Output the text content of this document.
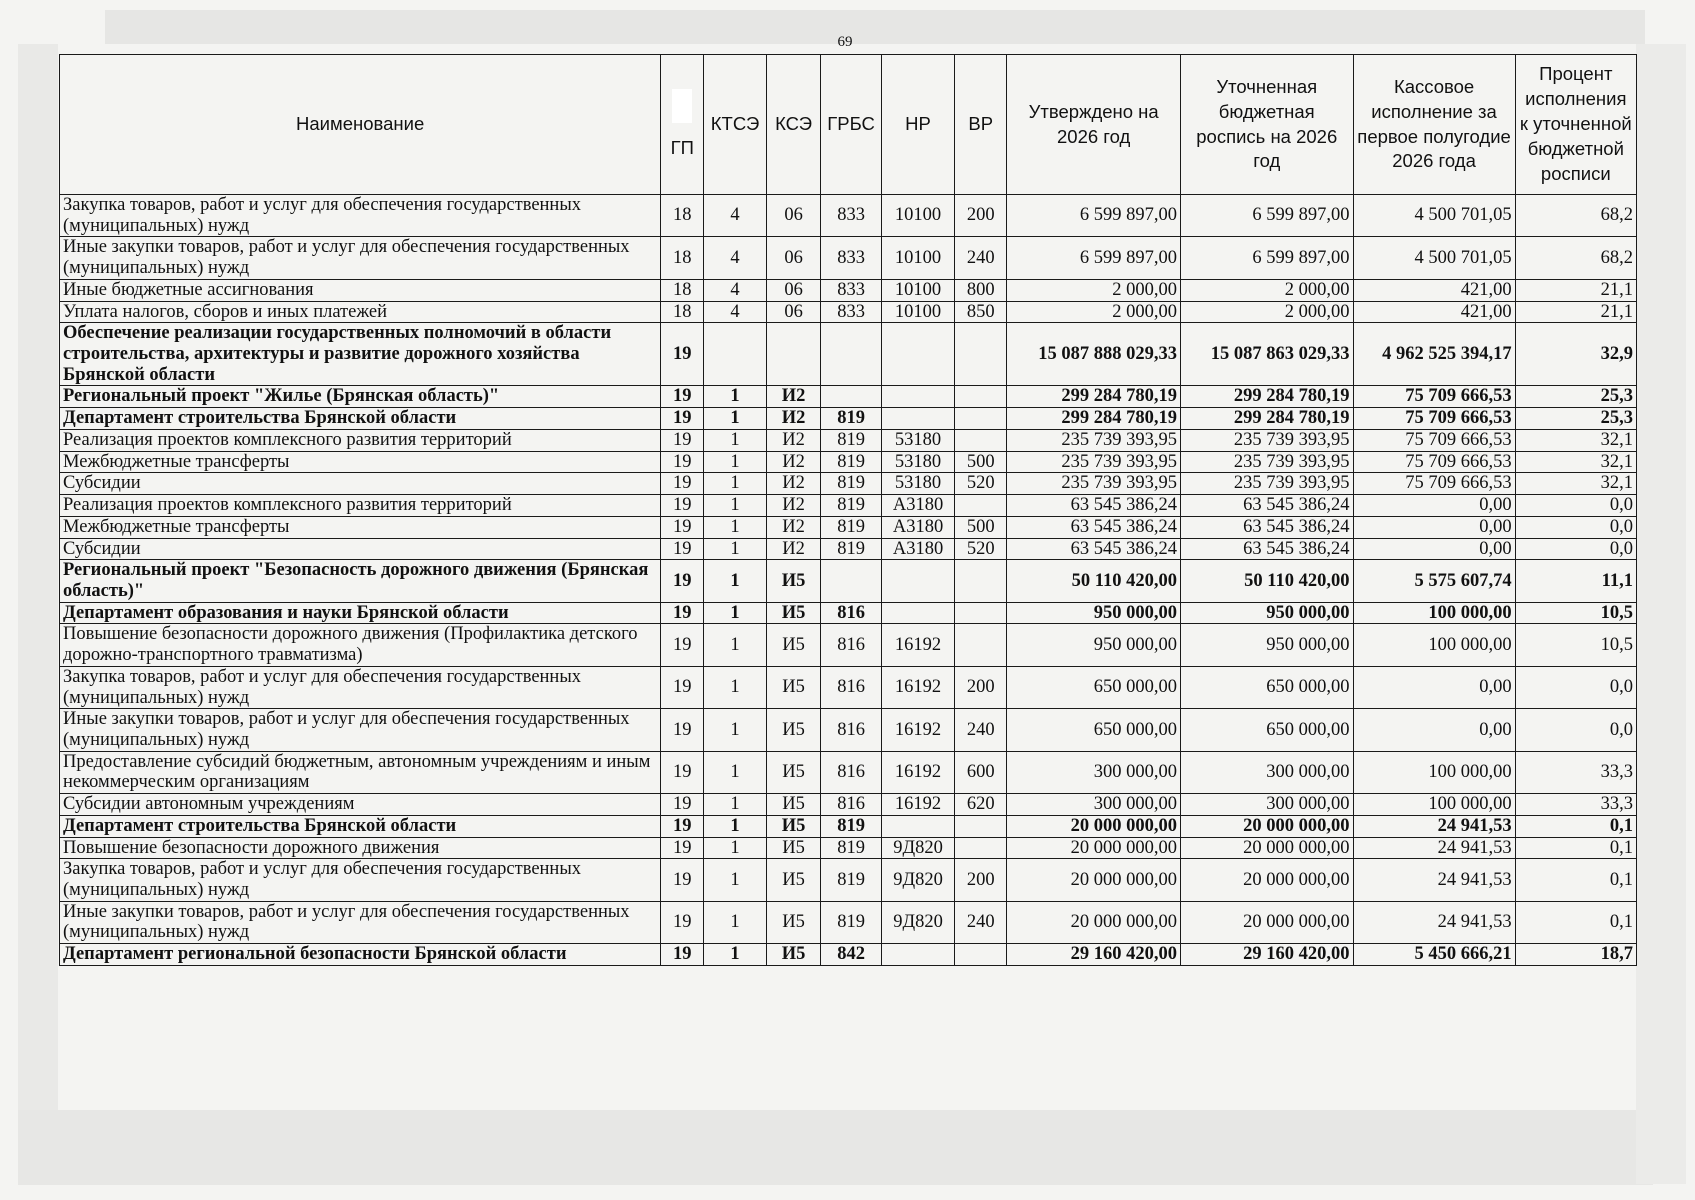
69
Наименование	ГП	КТСЭ	КСЭ	ГРБС	НР	ВР	Утверждено на 2026 год	Уточненная бюджетная роспись на 2026 год	Кассовое исполнение за первое полугодие 2026 года	Процент исполнения к уточненной бюджетной росписи
Закупка товаров, работ и услуг для обеспечения государственных (муниципальных) нужд	18	4	06	833	10100	200	6 599 897,00	6 599 897,00	4 500 701,05	68,2
Иные закупки товаров, работ и услуг для обеспечения государственных (муниципальных) нужд	18	4	06	833	10100	240	6 599 897,00	6 599 897,00	4 500 701,05	68,2
Иные бюджетные ассигнования	18	4	06	833	10100	800	2 000,00	2 000,00	421,00	21,1
Уплата налогов, сборов и иных платежей	18	4	06	833	10100	850	2 000,00	2 000,00	421,00	21,1
Обеспечение реализации государственных полномочий в области строительства, архитектуры и развитие дорожного хозяйства Брянской области	19						15 087 888 029,33	15 087 863 029,33	4 962 525 394,17	32,9
Региональный проект "Жилье (Брянская область)"	19	1	И2				299 284 780,19	299 284 780,19	75 709 666,53	25,3
Департамент строительства Брянской области	19	1	И2	819			299 284 780,19	299 284 780,19	75 709 666,53	25,3
Реализация проектов комплексного развития территорий	19	1	И2	819	53180		235 739 393,95	235 739 393,95	75 709 666,53	32,1
Межбюджетные трансферты	19	1	И2	819	53180	500	235 739 393,95	235 739 393,95	75 709 666,53	32,1
Субсидии	19	1	И2	819	53180	520	235 739 393,95	235 739 393,95	75 709 666,53	32,1
Реализация проектов комплексного развития территорий	19	1	И2	819	А3180		63 545 386,24	63 545 386,24	0,00	0,0
Межбюджетные трансферты	19	1	И2	819	А3180	500	63 545 386,24	63 545 386,24	0,00	0,0
Субсидии	19	1	И2	819	А3180	520	63 545 386,24	63 545 386,24	0,00	0,0
Региональный проект "Безопасность дорожного движения (Брянская область)"	19	1	И5				50 110 420,00	50 110 420,00	5 575 607,74	11,1
Департамент образования и науки Брянской области	19	1	И5	816			950 000,00	950 000,00	100 000,00	10,5
Повышение безопасности дорожного движения (Профилактика детского дорожно-транспортного травматизма)	19	1	И5	816	16192		950 000,00	950 000,00	100 000,00	10,5
Закупка товаров, работ и услуг для обеспечения государственных (муниципальных) нужд	19	1	И5	816	16192	200	650 000,00	650 000,00	0,00	0,0
Иные закупки товаров, работ и услуг для обеспечения государственных (муниципальных) нужд	19	1	И5	816	16192	240	650 000,00	650 000,00	0,00	0,0
Предоставление субсидий бюджетным, автономным учреждениям и иным некоммерческим организациям	19	1	И5	816	16192	600	300 000,00	300 000,00	100 000,00	33,3
Субсидии автономным учреждениям	19	1	И5	816	16192	620	300 000,00	300 000,00	100 000,00	33,3
Департамент строительства Брянской области	19	1	И5	819			20 000 000,00	20 000 000,00	24 941,53	0,1
Повышение безопасности дорожного движения	19	1	И5	819	9Д820		20 000 000,00	20 000 000,00	24 941,53	0,1
Закупка товаров, работ и услуг для обеспечения государственных (муниципальных) нужд	19	1	И5	819	9Д820	200	20 000 000,00	20 000 000,00	24 941,53	0,1
Иные закупки товаров, работ и услуг для обеспечения государственных (муниципальных) нужд	19	1	И5	819	9Д820	240	20 000 000,00	20 000 000,00	24 941,53	0,1
Департамент региональной безопасности Брянской области	19	1	И5	842			29 160 420,00	29 160 420,00	5 450 666,21	18,7
